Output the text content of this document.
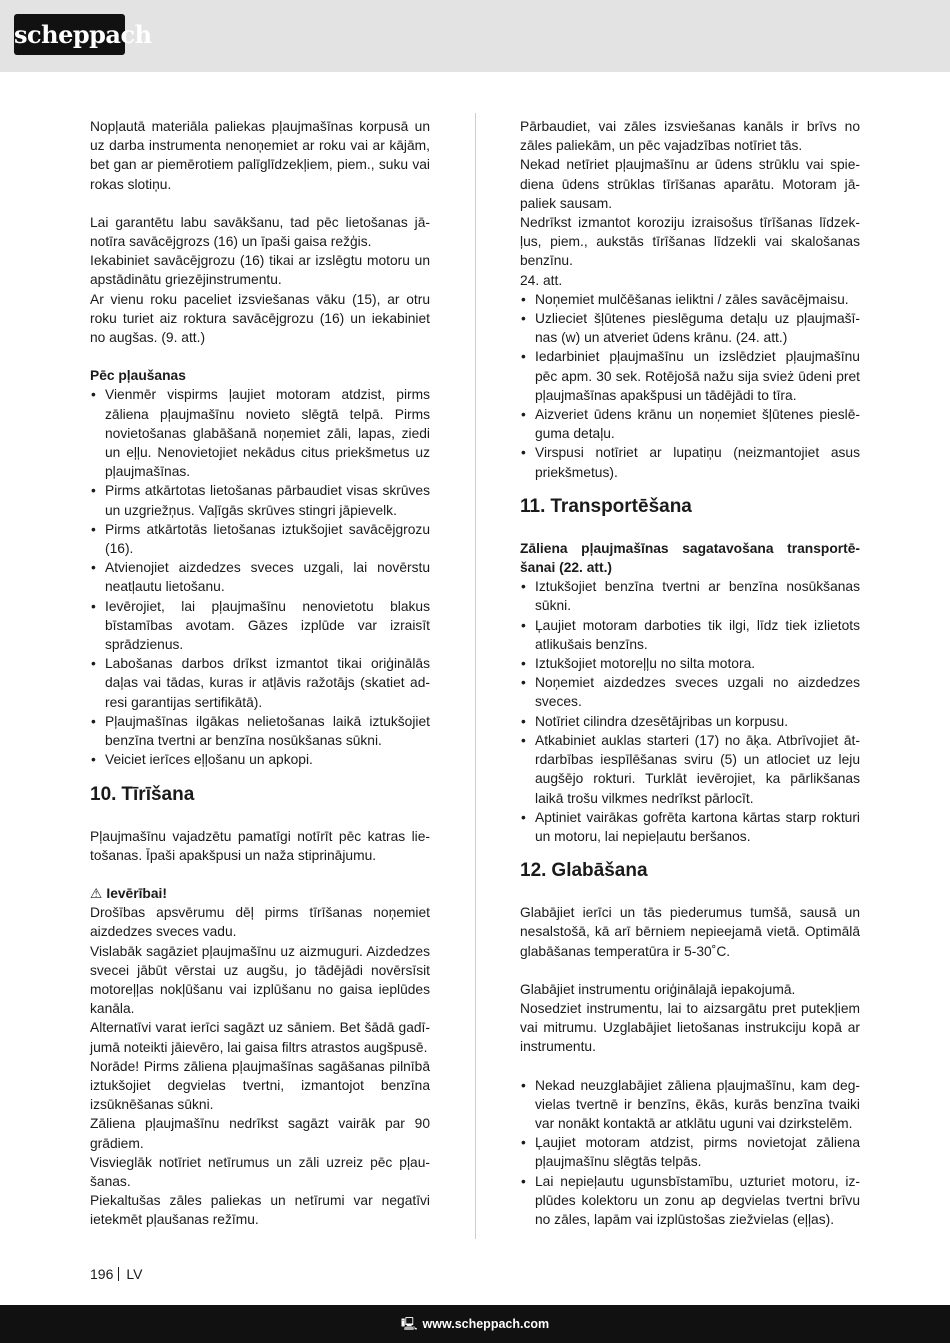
scheppach

Nopļautā materiāla paliekas pļaujmašīnas korpusā un uz darba instrumenta nenoņemiet ar roku vai ar kājām, bet gan ar piemērotiem palīglīdzekļiem, piem., suku vai rokas slotiņu.

Lai garantētu labu savākšanu, tad pēc lietošanas jānotīra savācējgrozs (16) un īpaši gaisa režģis.

Iekabiniet savācējgrozu (16) tikai ar izslēgtu motoru un apstādinātu griezējinstrumentu.

Ar vienu roku paceliet izsviešanas vāku (15), ar otru roku turiet aiz roktura savācējgrozu (16) un iekabiniet no augšas. (9. att.)

Pēc pļaušanas

• Vienmēr vispirms ļaujiet motoram atdzist, pirms zāliena pļaujmašīnu novieto slēgtā telpā. Pirms novietošanas glabāšanā noņemiet zāli, lapas, ziedi un eļļu. Nenovietojiet nekādus citus priekšmetus uz pļaujmašīnas.
• Pirms atkārtotas lietošanas pārbaudiet visas skrūves un uzgriežņus. Vaļīgās skrūves stingri jāpievelk.
• Pirms atkārtotās lietošanas iztukšojiet savācējgrozu (16).
• Atvienojiet aizdedzes sveces uzgali, lai novērstu neatļautu lietošanu.
• Ievērojiet, lai pļaujmašīnu nenovietotu blakus bīstamības avotam. Gāzes izplūde var izraisīt sprādzienus.
• Labošanas darbos drīkst izmantot tikai oriģinālās daļas vai tādas, kuras ir atļāvis ražotājs (skatiet adresi garantijas sertifikātā).
• Pļaujmašīnas ilgākas nelietošanas laikā iztukšojiet benzīna tvertni ar benzīna nosūkšanas sūkni.
• Veiciet ierīces eļļošanu un apkopi.
10. Tīrīšana

Pļaujmašīnu vajadzētu pamatīgi notīrīt pēc katras lietošanas. Īpaši apakšpusi un naža stiprinājumu.

⚠ Ievērībai!

Drošības apsvērumu dēļ pirms tīrīšanas noņemiet aizdedzes sveces vadu.

Vislabāk sagāziet pļaujmašīnu uz aizmuguri. Aizdedzes svecei jābūt vērstai uz augšu, jo tādējādi novērsīsit motoreļļas nokļūšanu vai izplūšanu no gaisa ieplūdes kanāla.

Alternatīvi varat ierīci sagāzt uz sāniem. Bet šādā gadījumā noteikti jāievēro, lai gaisa filtrs atrastos augšpusē.

Norāde! Pirms zāliena pļaujmašīnas sagāšanas pilnībā iztukšojiet degvielas tvertni, izmantojot benzīna izsūknēšanas sūkni.

Zāliena pļaujmašīnu nedrīkst sagāzt vairāk par 90 grādiem.

Visvieglāk notīriet netīrumus un zāli uzreiz pēc pļaušanas.

Piekaltušas zāles paliekas un netīrumi var negatīvi ietekmēt pļaušanas režīmu.

Pārbaudiet, vai zāles izsviešanas kanāls ir brīvs no zāles paliekām, un pēc vajadzības notīriet tās.

Nekad netīriet pļaujmašīnu ar ūdens strūklu vai spiediena ūdens strūklas tīrīšanas aparātu. Motoram jāpaliek sausam.

Nedrīkst izmantot koroziju izraisošus tīrīšanas līdzekļus, piem., aukstās tīrīšanas līdzekli vai skalošanas benzīnu.

24. att.

• Noņemiet mulčēšanas ieliktni / zāles savācējmaisu.
• Uzlieciet šļūtenes pieslēguma detaļu uz pļaujmašīnas (w) un atveriet ūdens krānu. (24. att.)
• Iedarbiniet pļaujmašīnu un izslēdziet pļaujmašīnu pēc apm. 30 sek. Rotējošā nažu sija svież ūdeni pret pļaujmašīnas apakšpusi un tādējādi to tīra.
• Aizveriet ūdens krānu un noņemiet šļūtenes pieslēguma detaļu.
• Virspusi notīriet ar lupatiņu (neizmantojiet asus priekšmetus).
11. Transportēšana

Zāliena pļaujmašīnas sagatavošana transportēšanai (22. att.)

• Iztukšojiet benzīna tvertni ar benzīna nosūkšanas sūkni.
• Ļaujiet motoram darboties tik ilgi, līdz tiek izlietots atlikušais benzīns.
• Iztukšojiet motoreļļu no silta motora.
• Noņemiet aizdedzes sveces uzgali no aizdedzes sveces.
• Notīriet cilindra dzesētājribas un korpusu.
• Atkabiniet auklas starteri (17) no āķa. Atbrīvojiet ātrdarbības iespīlēšanas sviru (5) un atlociet uz leju augšējo rokturi. Turklāt ievērojiet, ka pārlikšanas laikā trošu vilkmes nedrīkst pārlocīt.
• Aptiniet vairākas gofrēta kartona kārtas starp rokturi un motoru, lai nepieļautu beršanos.
12. Glabāšana

Glabājiet ierīci un tās piederumus tumšā, sausā un nesalstošā, kā arī bērniem nepieejamā vietā. Optimālā glabāšanas temperatūra ir 5-30˚C.

Glabājiet instrumentu oriģinālajā iepakojumā.

Nosedziet instrumentu, lai to aizsargātu pret putekļiem vai mitrumu. Uzglabājiet lietošanas instrukciju kopā ar instrumentu.

• Nekad neuzglabājiet zāliena pļaujmašīnu, kam degvielas tvertnē ir benzīns, ēkās, kurās benzīna tvaiki var nonākt kontaktā ar atklātu uguni vai dzirkstelēm.
• Ļaujiet motoram atdzist, pirms novietojat zāliena pļaujmašīnu slēgtās telpās.
• Lai nepieļautu ugunsbīstamību, uzturiet motoru, izplūdes kolektoru un zonu ap degvielas tvertni brīvu no zāles, lapām vai izplūstošas ziežvielas (eļļas).
196 LV
🖳 www.scheppach.com
